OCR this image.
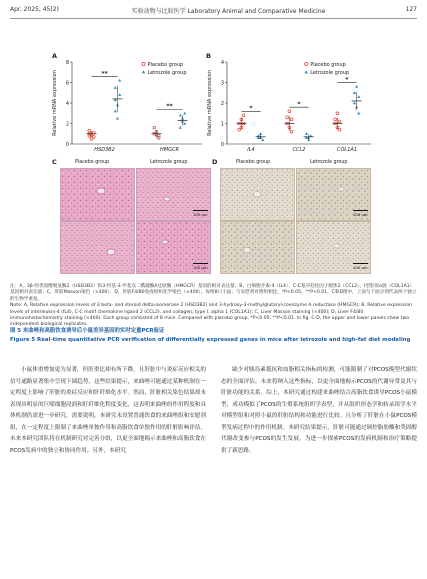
Apr. 2025, 45(2)	实验动物与比较医学 Laboratory Animal and Comparative Medicine	127
A
0
2
4
6
8
Relative mRNA expression
Placebo group
Letrozole group
**
HSD3B2
**
HMGCR
B
0
1
2
3
4
Relative mRNA expression
Placebo group
Letrozole group
*
IL4
*
CCL2
*
COL1A1
C	Placebo group	Letrozole group
100 μm
100 μm
D	Placebo group	Letrozole group
100 μm
100 μm

注：A，3β-羟类固醇脱氢酶2（HSD3B2）和3-羟基-3-甲基戊二酰辅酶A还原酶（HMGCR）基因的相对表达量；B，白细胞介素-4（IL4）、C-C基序趋化因子配体2（CCL2）、I型胶原α链（COL1A1）基因相对表达量；C，肝脏Masson染色（×400）；D，肝脏F4/80免疫组织化学染色（×400）。每组8只小鼠；与安慰剂对照组相比，*P<0.05，**P<0.01。C和D图中，上面与下面分别代表两个独立的生物学重复。

Note: A, Relative expression levels of 3 beta- and steroid delta-isomerase 2 (HSD3B2) and 3-hydroxy-3-methylglutaryl-coenzyme A reductase (HMGCR); B, Relative expression levels of interleukin-4 (IL4), C-C motif chemokine ligand 2 (CCL2), and collagen, type I, alpha 1 (COL1A1); C, Liver Masson staining (×400); D, Liver F4/80 immunohistochemistry staining (×400). Each group consisted of 8 mice. Compared with placebo group, *P<0.05, **P<0.01. In fig. C-D, the upper and lower panels show two independent biological replicates.

图 5 来曲唑和高脂饮食诱导后小鼠差异基因的实时定量PCR验证
Figure 5 Real-time quantitative PCR verification of differentially expressed genes in mice after letrozole and high-fat diet modeling

小鼠体重增加更为显著，但肝重比却有所下降，且肝脏中与炎症反应相关的信号通路显著集中呈现下调趋势，这些结果提示，来曲唑可能通过某种机制在一定程度上影响了肝脏的炎症反应和肝纤维化水平。然而，肝脏相关染色结果却未表现出明显的巨噬细胞浸润和肝纤维化程度变化，这表明来曲唑的作用程度和具体机制仍需进一步研究。需要说明，本研究未设置普通饮食的来曲唑组和安慰剂组，在一定程度上限制了来曲唑单独作用和高脂饮食单独作用的肝脏影响评估，未来本研究团队将在机制研究对完善分组，以更全面地揭示来曲唑和高脂饮食在PCOS发病中的独立和协同作用。另外，本研究

缺少对胰岛素抵抗和血脂相关指标的检测，可能限制了对PCOS模型代谢状态的全面评估。未来将纳入这些指标，以更全面地揭示PCOS的代谢异常及其与肝脏功能的关系。综上，本研究通过构建来曲唑结合高脂饮食诱导PCOS小鼠模型，成功模拟了PCOS的生殖系统组织学表型，并从组织形态学和转录组学水平对模型组和对照小鼠的肝脏结构和功能进行比较。且分析了肝脏在小鼠PCOS模型发病过程中的作用机制。本研究结果提示，肝脏可能通过调控脂肪酸和类固醇代谢改变参与PCOS的发生发展。为进一步探索PCOS的发病机制和治疗策略提供了新思路。
